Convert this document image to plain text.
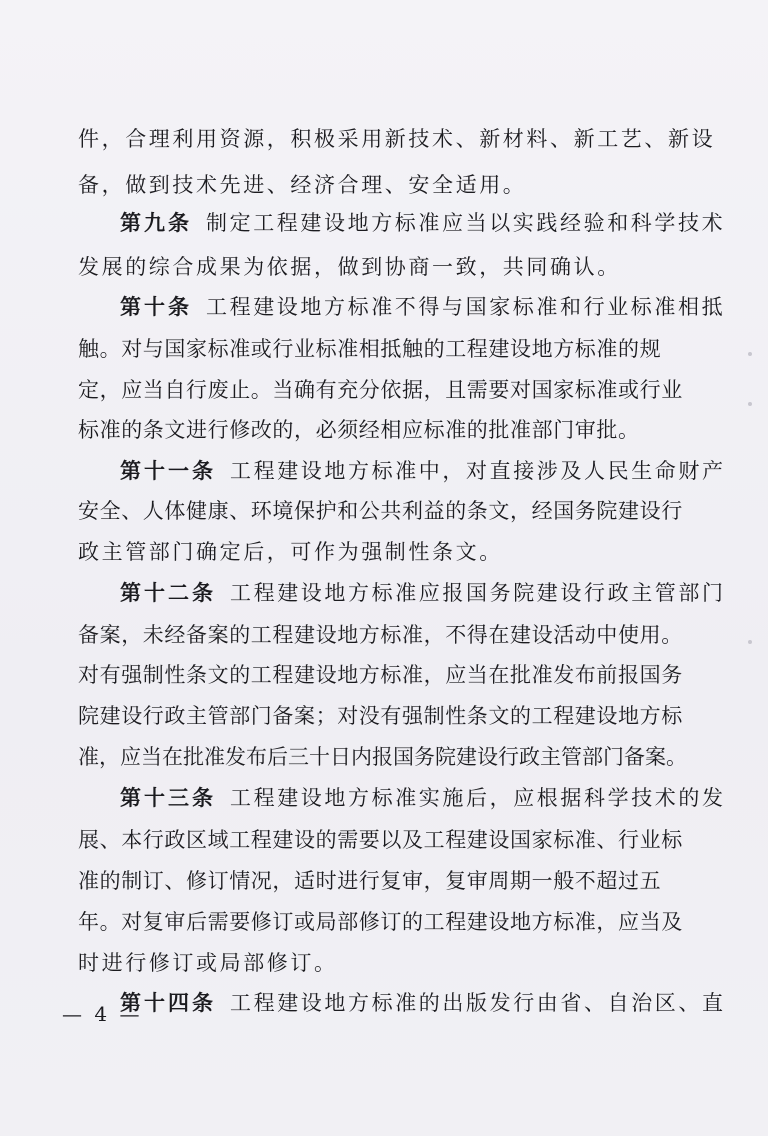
件，合理利用资源，积极采用新技术、新材料、新工艺、新设
备，做到技术先进、经济合理、安全适用。
第九条 制定工程建设地方标准应当以实践经验和科学技术
发展的综合成果为依据，做到协商一致，共同确认。
第十条 工程建设地方标准不得与国家标准和行业标准相抵
触。对与国家标准或行业标准相抵触的工程建设地方标准的规
定，应当自行废止。当确有充分依据，且需要对国家标准或行业
标准的条文进行修改的，必须经相应标准的批准部门审批。
第十一条 工程建设地方标准中，对直接涉及人民生命财产
安全、人体健康、环境保护和公共利益的条文，经国务院建设行
政主管部门确定后，可作为强制性条文。
第十二条 工程建设地方标准应报国务院建设行政主管部门
备案，未经备案的工程建设地方标准，不得在建设活动中使用。
对有强制性条文的工程建设地方标准，应当在批准发布前报国务
院建设行政主管部门备案；对没有强制性条文的工程建设地方标
准，应当在批准发布后三十日内报国务院建设行政主管部门备案。
第十三条 工程建设地方标准实施后，应根据科学技术的发
展、本行政区域工程建设的需要以及工程建设国家标准、行业标
准的制订、修订情况，适时进行复审，复审周期一般不超过五
年。对复审后需要修订或局部修订的工程建设地方标准，应当及
时进行修订或局部修订。
第十四条 工程建设地方标准的出版发行由省、自治区、直
— 4 —
